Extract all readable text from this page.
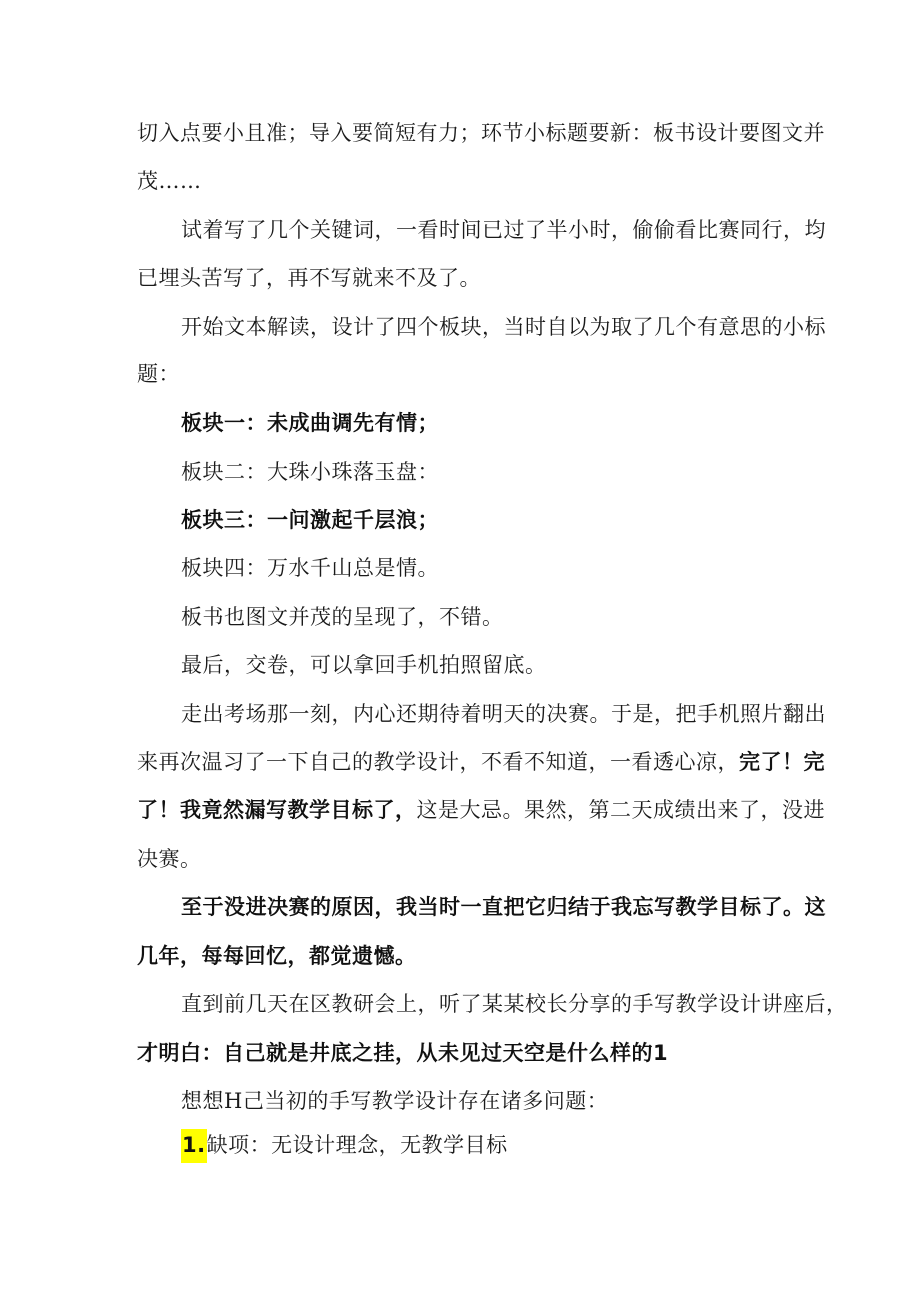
切入点要小且准；导入要简短有力；环节小标题要新：板书设计要图文并
茂……
试着写了几个关键词，一看时间已过了半小时，偷偷看比赛同行，均
已埋头苦写了，再不写就来不及了。
开始文本解读，设计了四个板块，当时自以为取了几个有意思的小标
题：
板块一：未成曲调先有情；
板块二：大珠小珠落玉盘：
板块三：一问激起千层浪；
板块四：万水千山总是情。
板书也图文并茂的呈现了，不错。
最后，交卷，可以拿回手机拍照留底。
走出考场那一刻，内心还期待着明天的决赛。于是，把手机照片翻出
来再次温习了一下自己的教学设计，不看不知道，一看透心凉，完了！完
了！我竟然漏写教学目标了，这是大忌。果然，第二天成绩出来了，没进
决赛。
至于没进决赛的原因，我当时一直把它归结于我忘写教学目标了。这
几年，每每回忆，都觉遗憾。
直到前几天在区教研会上，听了某某校长分享的手写教学设计讲座后，
才明白：自己就是井底之挂，从未见过天空是什么样的1
想想H己当初的手写教学设计存在诸多问题：
1.缺项：无设计理念，无教学目标
